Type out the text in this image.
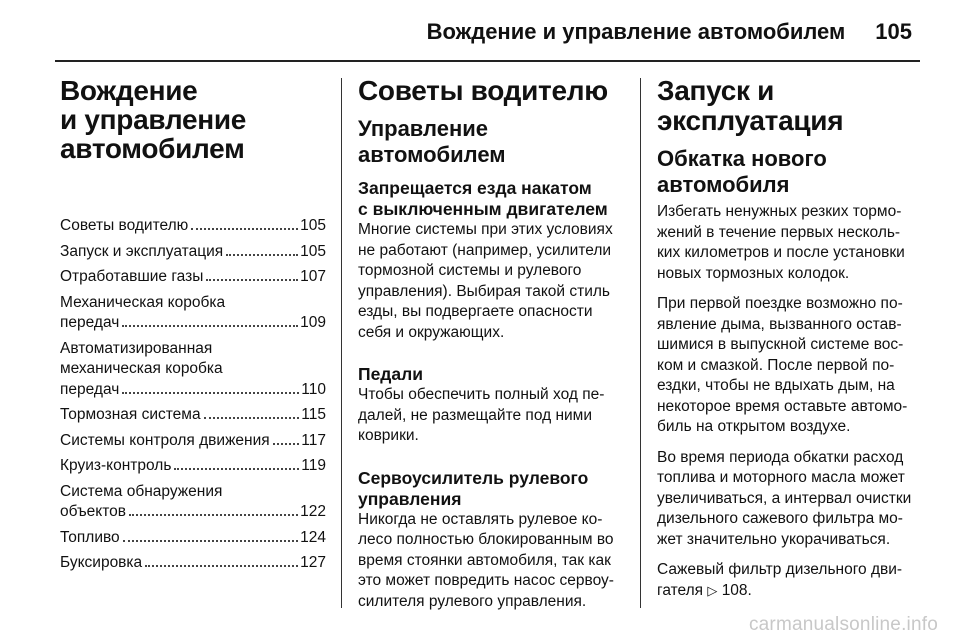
Вождение и управление автомобилем 105
Вождение
и управление
автомобилем
Советы водителю	105
Запуск и эксплуатация	105
Отработавшие газы	107
Механическая коробка
передач	109
Автоматизированная
механическая коробка
передач	110
Тормозная система	115
Системы контроля движения 117
Круиз-контроль	119
Система обнаружения
объектов	122
Топливо	124
Буксировка	127
Советы водителю
Управление
автомобилем
Запрещается езда накатом
с выключенным двигателем
Многие системы при этих условиях
не работают (например, усилители
тормозной системы и рулевого
управления). Выбирая такой стиль
езды, вы подвергаете опасности
себя и окружающих.
Педали
Чтобы обеспечить полный ход пе-
далей, не размещайте под ними
коврики.
Сервоусилитель рулевого
управления
Никогда не оставлять рулевое ко-
лесо полностью блокированным во
время стоянки автомобиля, так как
это может повредить насос сервоу-
силителя рулевого управления.
Запуск и эксплуатация
Обкатка нового
автомобиля
Избегать ненужных резких тормо-
жений в течение первых несколь-
ких километров и после установки
новых тормозных колодок.
При первой поездке возможно по-
явление дыма, вызванного остав-
шимися в выпускной системе вос-
ком и смазкой. После первой по-
ездки, чтобы не вдыхать дым, на
некоторое время оставьте автомо-
биль на открытом воздухе.
Во время периода обкатки расход
топлива и моторного масла может
увеличиваться, а интервал очистки
дизельного сажевого фильтра мо-
жет значительно укорачиваться.
Сажевый фильтр дизельного дви-
гателя ▷ 108.
carmanualsonline.info
